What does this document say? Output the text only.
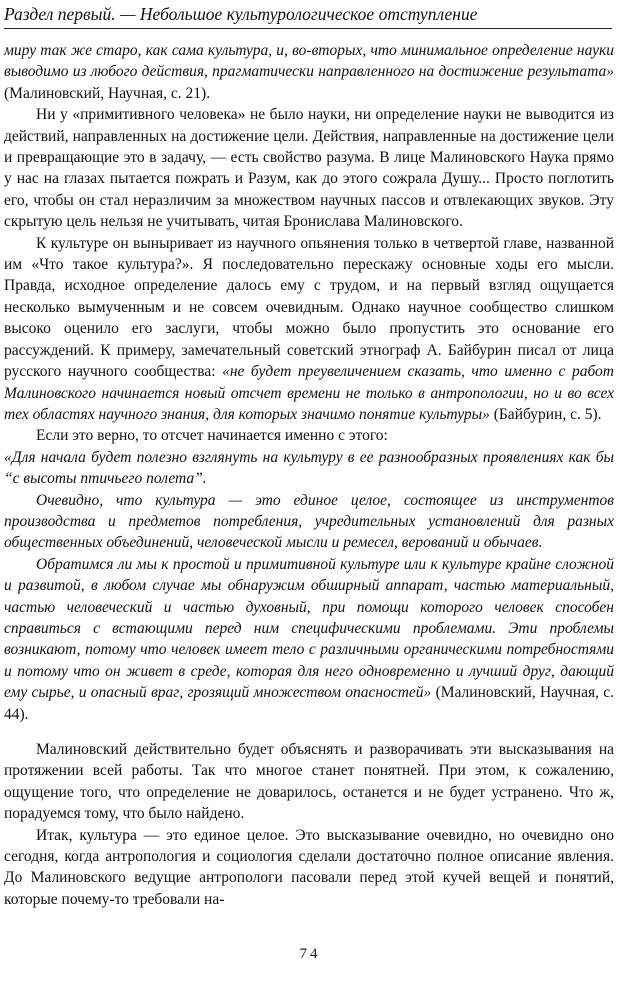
Раздел первый. — Небольшое культурологическое отступление

миру так же старо, как сама культура, и, во-вторых, что минимальное определение науки выводимо из любого действия, прагматически направленного на достижение результата» (Малиновский, Научная, с. 21).

Ни у «примитивного человека» не было науки, ни определение науки не выводится из действий, направленных на достижение цели. Действия, направленные на достижение цели и превращающие это в задачу, — есть свойство разума. В лице Малиновского Наука прямо у нас на глазах пытается пожрать и Разум, как до этого сожрала Душу... Просто поглотить его, чтобы он стал неразличим за множеством научных пассов и отвлекающих звуков. Эту скрытую цель нельзя не учитывать, читая Бронислава Малиновского.

К культуре он выныривает из научного опьянения только в четвертой главе, названной им «Что такое культура?». Я последовательно перескажу основные ходы его мысли. Правда, исходное определение далось ему с трудом, и на первый взгляд ощущается несколько вымученным и не совсем очевидным. Однако научное сообщество слишком высоко оценило его заслуги, чтобы можно было пропустить это основание его рассуждений. К примеру, замечательный советский этнограф А. Байбурин писал от лица русского научного сообщества: «не будет преувеличением сказать, что именно с работ Малиновского начинается новый отсчет времени не только в антропологии, но и во всех тех областях научного знания, для которых значимо понятие культуры» (Байбурин, с. 5).

Если это верно, то отсчет начинается именно с этого:

«Для начала будет полезно взглянуть на культуру в ее разнообразных проявлениях как бы “с высоты птичьего полета”.

Очевидно, что культура — это единое целое, состоящее из инструментов производства и предметов потребления, учредительных установлений для разных общественных объединений, человеческой мысли и ремесел, верований и обычаев.

Обратимся ли мы к простой и примитивной культуре или к культуре крайне сложной и развитой, в любом случае мы обнаружим обширный аппарат, частью материальный, частью человеческий и частью духовный, при помощи которого человек способен справиться с встающими перед ним специфическими проблемами. Эти проблемы возникают, потому что человек имеет тело с различными органическими потребностями и потому что он живет в среде, которая для него одновременно и лучший друг, дающий ему сырье, и опасный враг, грозящий множеством опасностей» (Малиновский, Научная, с. 44).

Малиновский действительно будет объяснять и разворачивать эти высказывания на протяжении всей работы. Так что многое станет понятней. При этом, к сожалению, ощущение того, что определение не доварилось, останется и не будет устранено. Что ж, порадуемся тому, что было найдено.

Итак, культура — это единое целое. Это высказывание очевидно, но очевидно оно сегодня, когда антропология и социология сделали достаточно полное описание явления. До Малиновского ведущие антропологи пасовали перед этой кучей вещей и понятий, которые почему-то требовали на-

74
